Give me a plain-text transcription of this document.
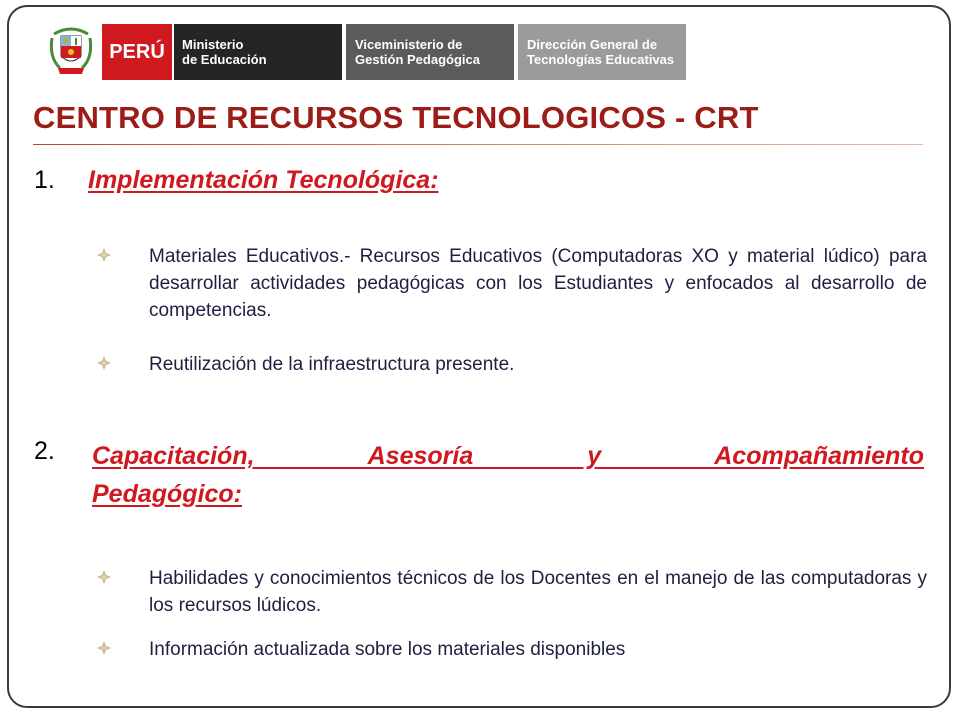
PERÚ Ministerio
de Educación
Viceministerio de
Gestión Pedagógica
Dirección General de
Tecnologías Educativas
CENTRO DE RECURSOS TECNOLOGICOS - CRT
1. Implementación Tecnológica:
Materiales Educativos.- Recursos Educativos (Computadoras XO y material lúdico) para desarrollar actividades pedagógicas con los Estudiantes y enfocados al desarrollo de competencias.
Reutilización de la infraestructura presente.
2. Capacitación, Asesoría y Acompañamiento
Pedagógico:
Habilidades y conocimientos técnicos de los Docentes en el manejo de las computadoras y los recursos lúdicos.
Información actualizada sobre los materiales disponibles
